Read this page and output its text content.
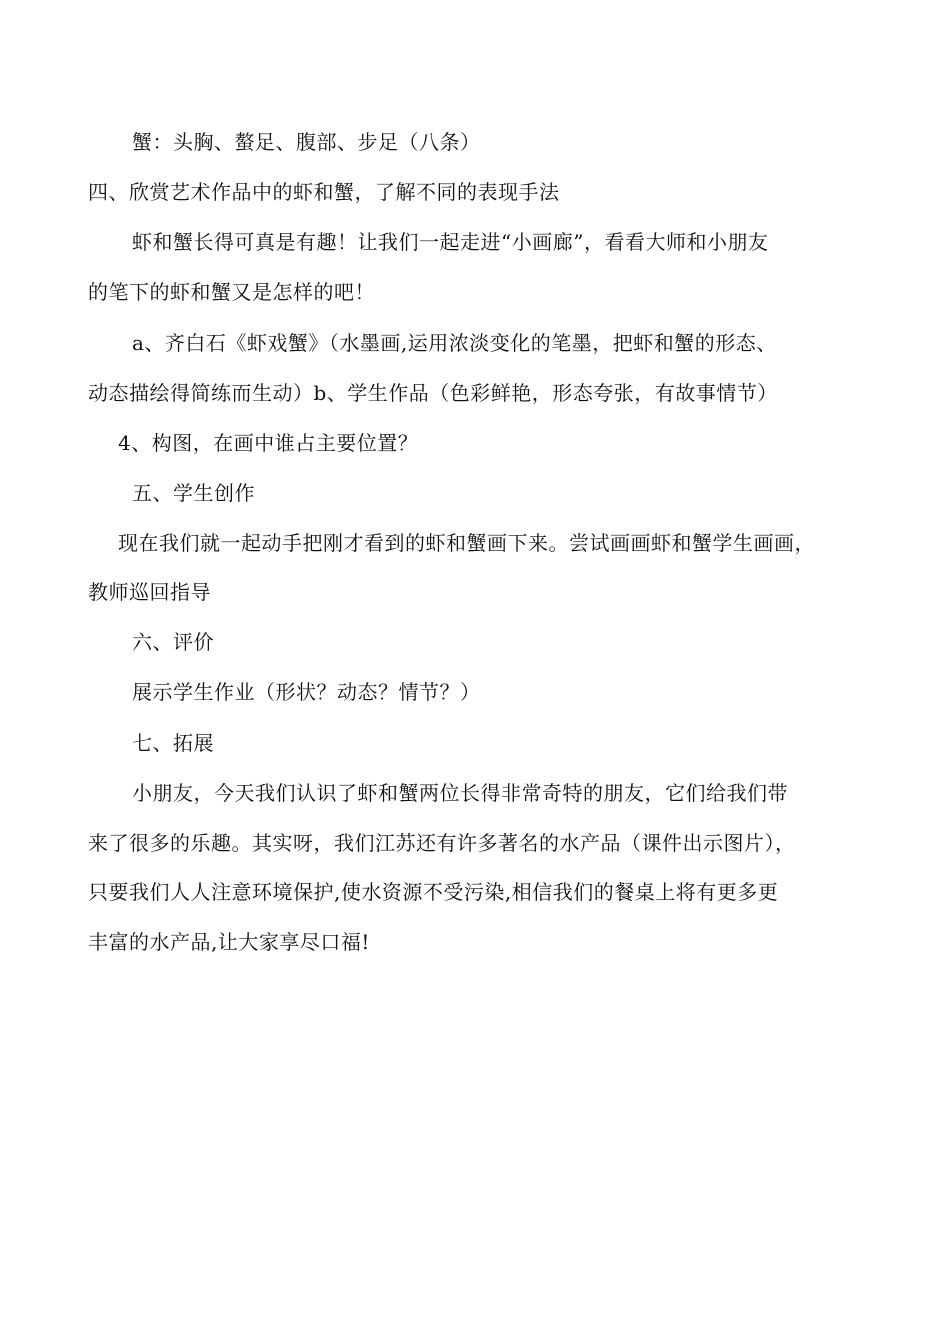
蟹：头胸、螯足、腹部、步足（八条）
四、欣赏艺术作品中的虾和蟹，了解不同的表现手法
虾和蟹长得可真是有趣！让我们一起走进“小画廊”，看看大师和小朋友
的笔下的虾和蟹又是怎样的吧！
a、齐白石《虾戏蟹》（水墨画,运用浓淡变化的笔墨，把虾和蟹的形态、
动态描绘得简练而生动）b、学生作品（色彩鲜艳，形态夸张，有故事情节）
4、构图，在画中谁占主要位置？
五、学生创作
现在我们就一起动手把刚才看到的虾和蟹画下来。尝试画画虾和蟹学生画画，
教师巡回指导
六、评价
展示学生作业（形状？动态？情节？）
七、拓展
小朋友，今天我们认识了虾和蟹两位长得非常奇特的朋友，它们给我们带
来了很多的乐趣。其实呀，我们江苏还有许多著名的水产品（课件出示图片），
只要我们人人注意环境保护,使水资源不受污染,相信我们的餐桌上将有更多更
丰富的水产品,让大家享尽口福!
